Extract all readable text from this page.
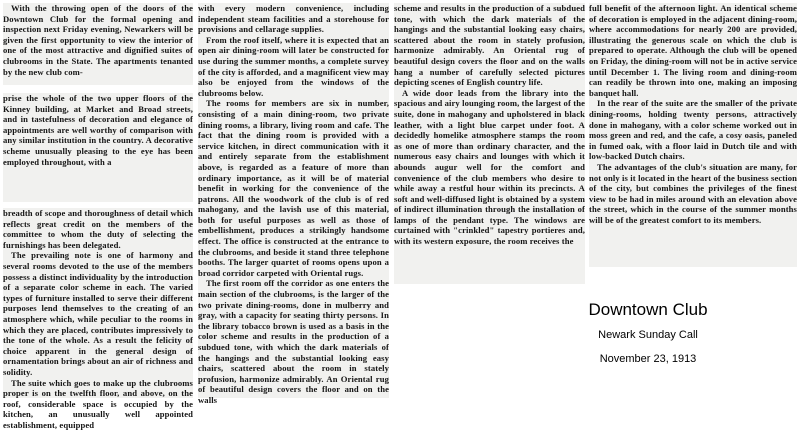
With the throwing open of the doors of the Downtown Club for the formal opening and inspection next Friday evening, Newarkers will be given the first opportunity to view the interior of one of the most attractive and dignified suites of clubrooms in the State. The apartments tenanted by the new club com-

prise the whole of the two upper floors of the Kinney building, at Market and Broad streets, and in tastefulness of decoration and elegance of appointments are well worthy of comparison with any similar institution in the country. A decorative scheme unusually pleasing to the eye has been employed throughout, with a

breadth of scope and thoroughness of detail which reflects great credit on the members of the committee to whom the duty of selecting the furnishings has been delegated.

The prevailing note is one of harmony and several rooms devoted to the use of the members possess a distinct individuality by the introduction of a separate color scheme in each. The varied types of furniture installed to serve their different purposes lend themselves to the creating of an atmosphere which, while peculiar to the rooms in which they are placed, contributes impressively to the tone of the whole. As a result the felicity of choice apparent in the general design of ornamentation brings about an air of richness and solidity.

The suite which goes to make up the clubrooms proper is on the twelfth floor, and above, on the roof, considerable space is occupied by the kitchen, an unusually well appointed establishment, equipped

with every modern convenience, including independent steam facilities and a storehouse for provisions and cellarage supplies.

From the roof itself, where it is expected that an open air dining-room will later be constructed for use during the summer months, a complete survey of the city is afforded, and a magnificent view may also be enjoyed from the windows of the clubrooms below.

The rooms for members are six in number, consisting of a main dining-room, two private dining rooms, a library, living room and cafe. The fact that the dining room is provided with a service kitchen, in direct communication with it and entirely separate from the establishment above, is regarded as a feature of more than ordinary importance, as it will be of material benefit in working for the convenience of the patrons. All the woodwork of the club is of red mahogany, and the lavish use of this material, both for useful purposes as well as those of embellishment, produces a strikingly handsome effect. The office is constructed at the entrance to the clubrooms, and beside it stand three telephone booths. The larger quartet of rooms opens upon a broad corridor carpeted with Oriental rugs.

The first room off the corridor as one enters the main section of the clubrooms, is the larger of the two private dining-rooms, done in mulberry and gray, with a capacity for seating thirty persons. In the library tobacco brown is used as a basis in the color scheme and results in the production of a subdued tone, with which the dark materials of the hangings and the substantial looking easy chairs, scattered about the room in stately profusion, harmonize admirably. An Oriental rug of beautiful design covers the floor and on the walls

scheme and results in the production of a subdued tone, with which the dark materials of the hangings and the substantial looking easy chairs, scattered about the room in stately profusion, harmonize admirably. An Oriental rug of beautiful design covers the floor and on the walls hang a number of carefully selected pictures depicting scenes of English country life.

A wide door leads from the library into the spacious and airy lounging room, the largest of the suite, done in mahogany and upholstered in black leather, with a light blue carpet under foot. A decidedly homelike atmosphere stamps the room as one of more than ordinary character, and the numerous easy chairs and lounges with which it abounds augur well for the comfort and convenience of the club members who desire to while away a restful hour within its precincts. A soft and well-diffused light is obtained by a system of indirect illumination through the installation of lamps of the pendant type. The windows are curtained with "crinkled" tapestry portieres and, with its western exposure, the room receives the

full benefit of the afternoon light. An identical scheme of decoration is employed in the adjacent dining-room, where accommodations for nearly 200 are provided, illustrating the generous scale on which the club is prepared to operate. Although the club will be opened on Friday, the dining-room will not be in active service until December 1. The living room and dining-room can readily be thrown into one, making an imposing banquet hall.

In the rear of the suite are the smaller of the private dining-rooms, holding twenty persons, attractively done in mahogany, with a color scheme worked out in moss green and red, and the cafe, a cosy oasis, paneled in fumed oak, with a floor laid in Dutch tile and with low-backed Dutch chairs.

The advantages of the club's situation are many, for not only is it located in the heart of the business section of the city, but combines the privileges of the finest view to be had in miles around with an elevation above the street, which in the course of the summer months will be of the greatest comfort to its members.

Downtown Club
Newark Sunday Call
November 23, 1913
